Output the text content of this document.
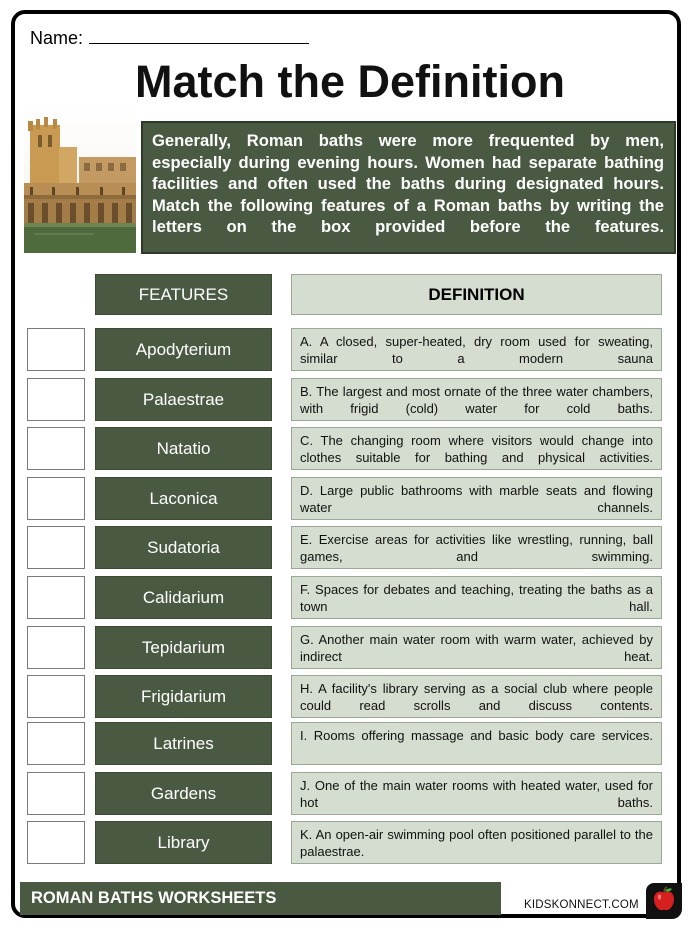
Name:
Match the Definition
Generally, Roman baths were more frequented by men, especially during evening hours. Women had separate bathing facilities and often used the baths during designated hours. Match the following features of a Roman baths by writing the letters on the box provided before the features.
FEATURES	DEFINITION
Apodyterium	A. A closed, super-heated, dry room used for sweating, similar to a modern sauna
Palaestrae	B. The largest and most ornate of the three water chambers, with frigid (cold) water for cold baths.
Natatio	C. The changing room where visitors would change into clothes suitable for bathing and physical activities.
Laconica	D. Large public bathrooms with marble seats and flowing water channels.
Sudatoria	E. Exercise areas for activities like wrestling, running, ball games, and swimming.
Calidarium	F. Spaces for debates and teaching, treating the baths as a town hall.
Tepidarium	G. Another main water room with warm water, achieved by indirect heat.
Frigidarium	H. A facility's library serving as a social club where people could read scrolls and discuss contents.
Latrines	I. Rooms offering massage and basic body care services.
Gardens	J. One of the main water rooms with heated water, used for hot baths.
Library	K. An open-air swimming pool often positioned parallel to the palaestrae.
ROMAN BATHS WORKSHEETS	KIDSKONNECT.COM
